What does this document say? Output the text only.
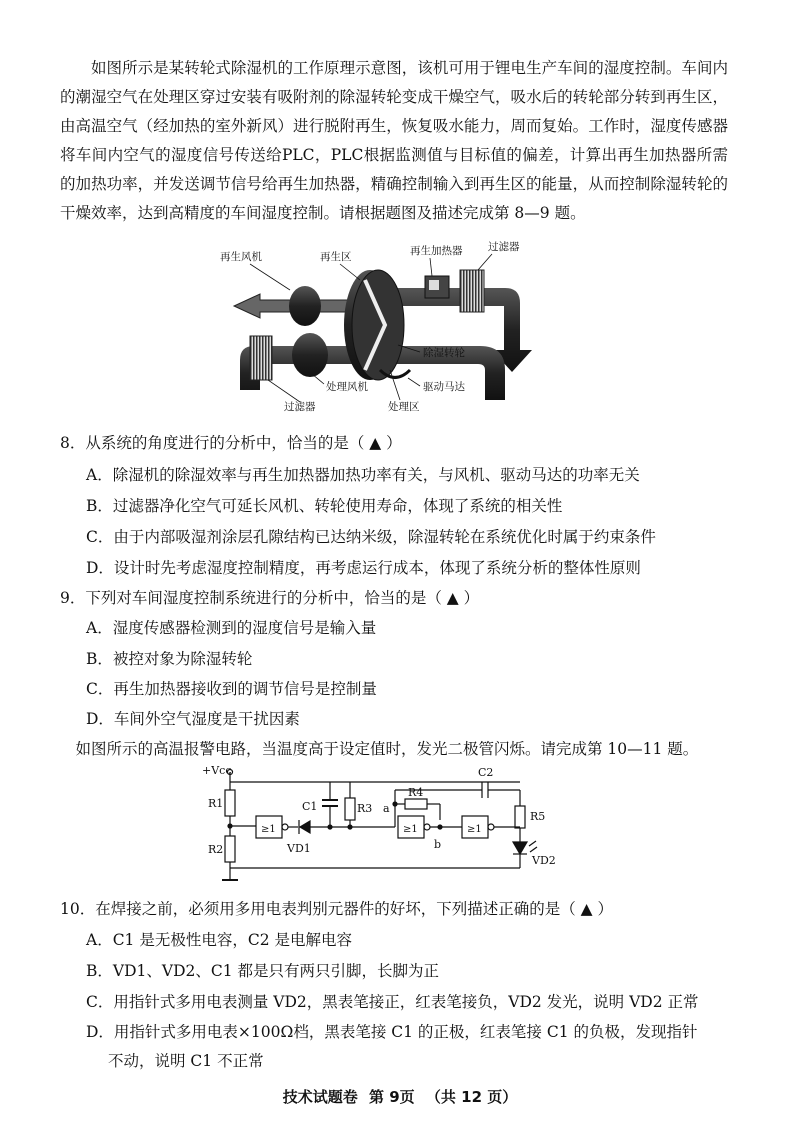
如图所示是某转轮式除湿机的工作原理示意图，该机可用于锂电生产车间的湿度控制。车间内的潮湿空气在处理区穿过安装有吸附剂的除湿转轮变成干燥空气，吸水后的转轮部分转到再生区，由高温空气（经加热的室外新风）进行脱附再生，恢复吸水能力，周而复始。工作时，湿度传感器将车间内空气的湿度信号传送给PLC，PLC根据监测值与目标值的偏差，计算出再生加热器所需的加热功率，并发送调节信号给再生加热器，精确控制输入到再生区的能量，从而控制除湿转轮的干燥效率，达到高精度的车间湿度控制。请根据题图及描述完成第 8—9 题。

再生风机	再生区	再生加热器 过滤器
除湿转轮
处理风机	驱动马达
过滤器	处理区

8．从系统的角度进行的分析中，恰当的是（ ▲ ）

A．除湿机的除湿效率与再生加热器加热功率有关，与风机、驱动马达的功率无关

B．过滤器净化空气可延长风机、转轮使用寿命，体现了系统的相关性

C．由于内部吸湿剂涂层孔隙结构已达纳米级，除湿转轮在系统优化时属于约束条件

D．设计时先考虑湿度控制精度，再考虑运行成本，体现了系统分析的整体性原则

9．下列对车间湿度控制系统进行的分析中，恰当的是（ ▲ ）

A．湿度传感器检测到的湿度信号是输入量

B．被控对象为除湿转轮

C．再生加热器接收到的调节信号是控制量

D．车间外空气湿度是干扰因素

如图所示的高温报警电路，当温度高于设定值时，发光二极管闪烁。请完成第 10—11 题。

+Vcc
R1
R2
C1	R3
R4
C2
R5
VD1
VD2
a
b
≥1	≥1	≥1

10．在焊接之前，必须用多用电表判别元器件的好坏，下列描述正确的是（ ▲ ）

A．C1 是无极性电容，C2 是电解电容

B．VD1、VD2、C1 都是只有两只引脚，长脚为正

C．用指针式多用电表测量 VD2，黑表笔接正，红表笔接负，VD2 发光，说明 VD2 正常

D．用指针式多用电表×100Ω档，黑表笔接 C1 的正极，红表笔接 C1 的负极，发现指针

不动，说明 C1 不正常

技术试题卷 第 9页 （共 12 页）
